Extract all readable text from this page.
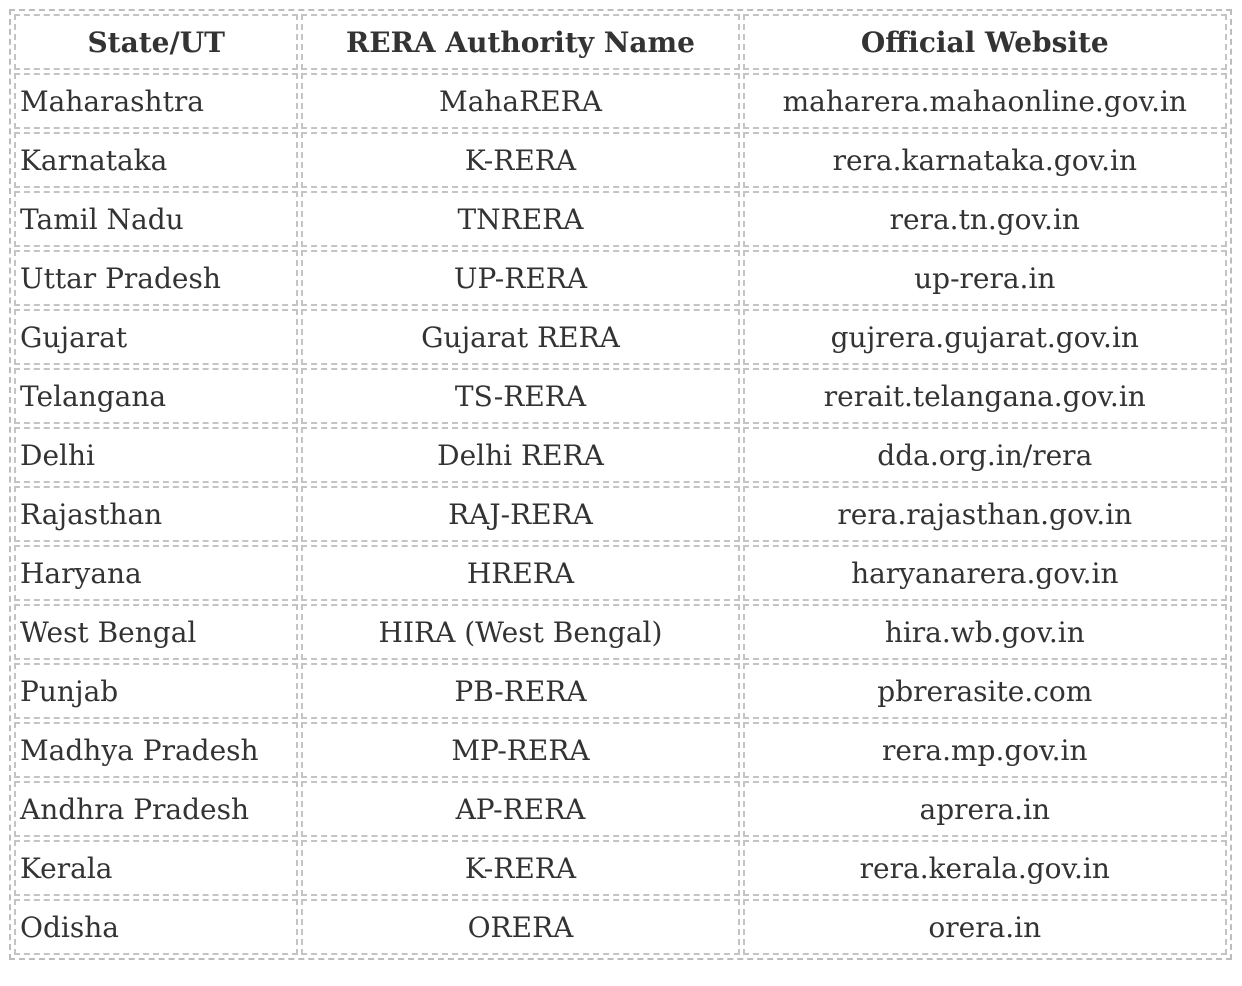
State/UT	RERA Authority Name	Official Website
Maharashtra	MahaRERA	maharera.mahaonline.gov.in
Karnataka	K-RERA	rera.karnataka.gov.in
Tamil Nadu	TNRERA	rera.tn.gov.in
Uttar Pradesh	UP-RERA	up-rera.in
Gujarat	Gujarat RERA	gujrera.gujarat.gov.in
Telangana	TS-RERA	rerait.telangana.gov.in
Delhi	Delhi RERA	dda.org.in/rera
Rajasthan	RAJ-RERA	rera.rajasthan.gov.in
Haryana	HRERA	haryanarera.gov.in
West Bengal	HIRA (West Bengal)	hira.wb.gov.in
Punjab	PB-RERA	pbrerasite.com
Madhya Pradesh	MP-RERA	rera.mp.gov.in
Andhra Pradesh	AP-RERA	aprera.in
Kerala	K-RERA	rera.kerala.gov.in
Odisha	ORERA	orera.in
